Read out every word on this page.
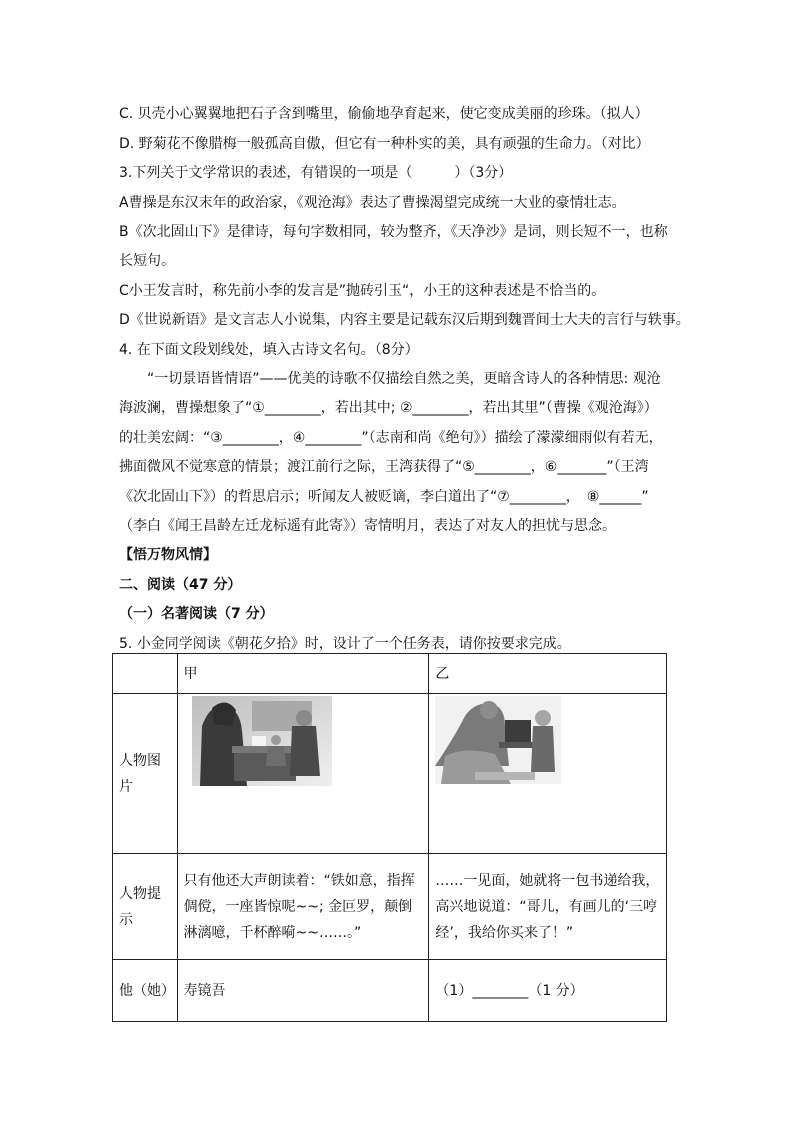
C. 贝壳小心翼翼地把石子含到嘴里，偷偷地孕育起来，使它变成美丽的珍珠。（拟人）
D. 野菊花不像腊梅一般孤高自傲，但它有一种朴实的美，具有顽强的生命力。（对比）
3.下列关于文学常识的表述，有错误的一项是（　　　）（3分）
A曹操是东汉末年的政治家，《观沧海》表达了曹操渴望完成统一大业的豪情壮志。
B《次北固山下》是律诗，每句字数相同，较为整齐，《天净沙》是词，则长短不一，也称
长短句。
C小王发言时，称先前小李的发言是”抛砖引玉“，小王的这种表述是不恰当的。
D《世说新语》是文言志人小说集，内容主要是记载东汉后期到魏晋间士大夫的言行与轶事。
4. 在下面文段划线处，填入古诗文名句。（8分）
　　“一切景语皆情语”——优美的诗歌不仅描绘自然之美，更暗含诗人的各种情思: 观沧
海波澜，曹操想象了“①________，若出其中; ②________，若出其里”（曹操《观沧海》）
的壮美宏阔：“③________，④________”（志南和尚《绝句》）描绘了濛濛细雨似有若无，
拂面微风不觉寒意的情景；渡江前行之际，王湾获得了“⑤________，⑥_______”（王湾
《次北固山下》）的哲思启示；听闻友人被贬谪，李白道出了“⑦________，　⑧______”
（李白《闻王昌龄左迁龙标遥有此寄》）寄情明月，表达了对友人的担忧与思念。
【悟万物风情】
二、阅读（47 分）
（一）名著阅读（7 分）
5. 小金同学阅读《朝花夕拾》时，设计了一个任务表，请你按要求完成。
	甲	乙
人物图片	

人物提示	只有他还大声朗读着：“铁如意，指挥倜傥，一座皆惊呢~~; 金叵罗，颠倒淋漓噫，千杯醉嗬~~……。”	……一见面，她就将一包书递给我，高兴地说道：“哥儿，有画儿的‘三哼经’，我给你买来了！”
他（她）	寿镜吾	（1）________（1 分）
